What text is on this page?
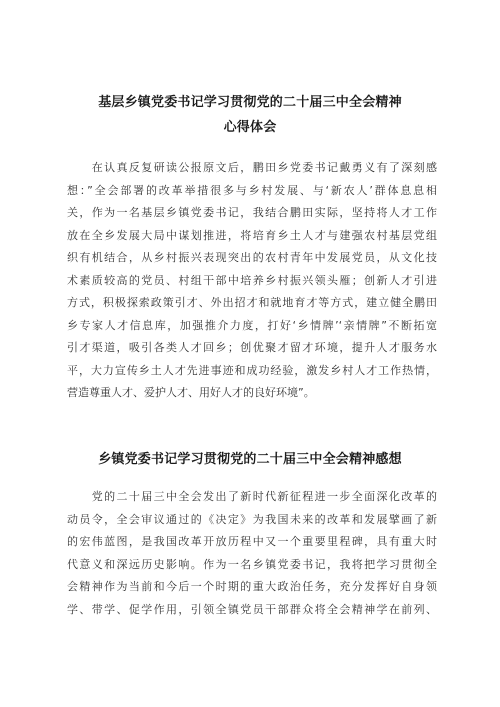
基层乡镇党委书记学习贯彻党的二十届三中全会精神
心得体会
　　在认真反复研读公报原文后，鹏田乡党委书记戴勇义有了深刻感
想：”全会部署的改革举措很多与乡村发展、与‘新农人’群体息息相
关，作为一名基层乡镇党委书记，我结合鹏田实际，坚持将人才工作
放在全乡发展大局中谋划推进，将培育乡土人才与建强农村基层党组
织有机结合，从乡村振兴表现突出的农村青年中发展党员，从文化技
术素质较高的党员、村组干部中培养乡村振兴领头雁；创新人才引进
方式，积极探索政策引才、外出招才和就地育才等方式，建立健全鹏田
乡专家人才信息库，加强推介力度，打好‘乡情牌’‘亲情牌”不断拓宽
引才渠道，吸引各类人才回乡；创优聚才留才环境，提升人才服务水
平，大力宣传乡土人才先进事迹和成功经验，激发乡村人才工作热情，
营造尊重人才、爱护人才、用好人才的良好环境”。
乡镇党委书记学习贯彻党的二十届三中全会精神感想
　　党的二十届三中全会发出了新时代新征程进一步全面深化改革的
动员令，全会审议通过的《决定》为我国未来的改革和发展擘画了新
的宏伟蓝图，是我国改革开放历程中又一个重要里程碑，具有重大时
代意义和深远历史影响。作为一名乡镇党委书记，我将把学习贯彻全
会精神作为当前和今后一个时期的重大政治任务，充分发挥好自身领
学、带学、促学作用，引领全镇党员干部群众将全会精神学在前列、
